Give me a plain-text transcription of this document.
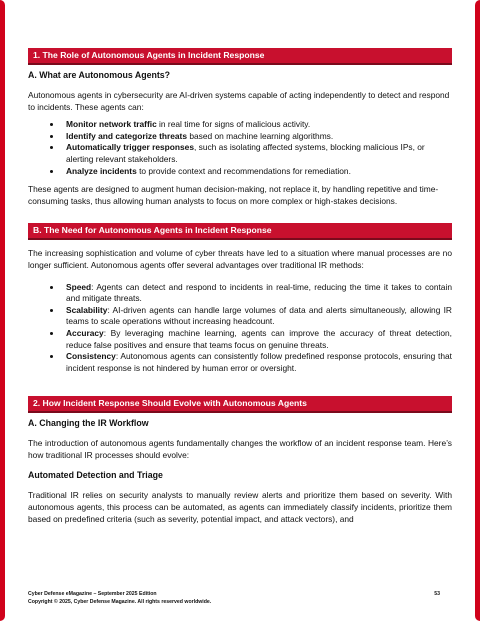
1. The Role of Autonomous Agents in Incident Response
A. What are Autonomous Agents?

Autonomous agents in cybersecurity are AI-driven systems capable of acting independently to detect and respond to incidents. These agents can:

• Monitor network traffic in real time for signs of malicious activity.
• Identify and categorize threats based on machine learning algorithms.
• Automatically trigger responses, such as isolating affected systems, blocking malicious IPs, or alerting relevant stakeholders.
• Analyze incidents to provide context and recommendations for remediation.

These agents are designed to augment human decision-making, not replace it, by handling repetitive and time-consuming tasks, thus allowing human analysts to focus on more complex or high-stakes decisions.

B. The Need for Autonomous Agents in Incident Response

The increasing sophistication and volume of cyber threats have led to a situation where manual processes are no longer sufficient. Autonomous agents offer several advantages over traditional IR methods:

• Speed: Agents can detect and respond to incidents in real-time, reducing the time it takes to contain and mitigate threats.
• Scalability: AI-driven agents can handle large volumes of data and alerts simultaneously, allowing IR teams to scale operations without increasing headcount.
• Accuracy: By leveraging machine learning, agents can improve the accuracy of threat detection, reduce false positives and ensure that teams focus on genuine threats.
• Consistency: Autonomous agents can consistently follow predefined response protocols, ensuring that incident response is not hindered by human error or oversight.
2. How Incident Response Should Evolve with Autonomous Agents
A. Changing the IR Workflow

The introduction of autonomous agents fundamentally changes the workflow of an incident response team. Here’s how traditional IR processes should evolve:

Automated Detection and Triage

Traditional IR relies on security analysts to manually review alerts and prioritize them based on severity. With autonomous agents, this process can be automated, as agents can immediately classify incidents, prioritize them based on predefined criteria (such as severity, potential impact, and attack vectors), and

Cyber Defense eMagazine – September 2025 Edition	53
Copyright © 2025, Cyber Defense Magazine. All rights reserved worldwide.
